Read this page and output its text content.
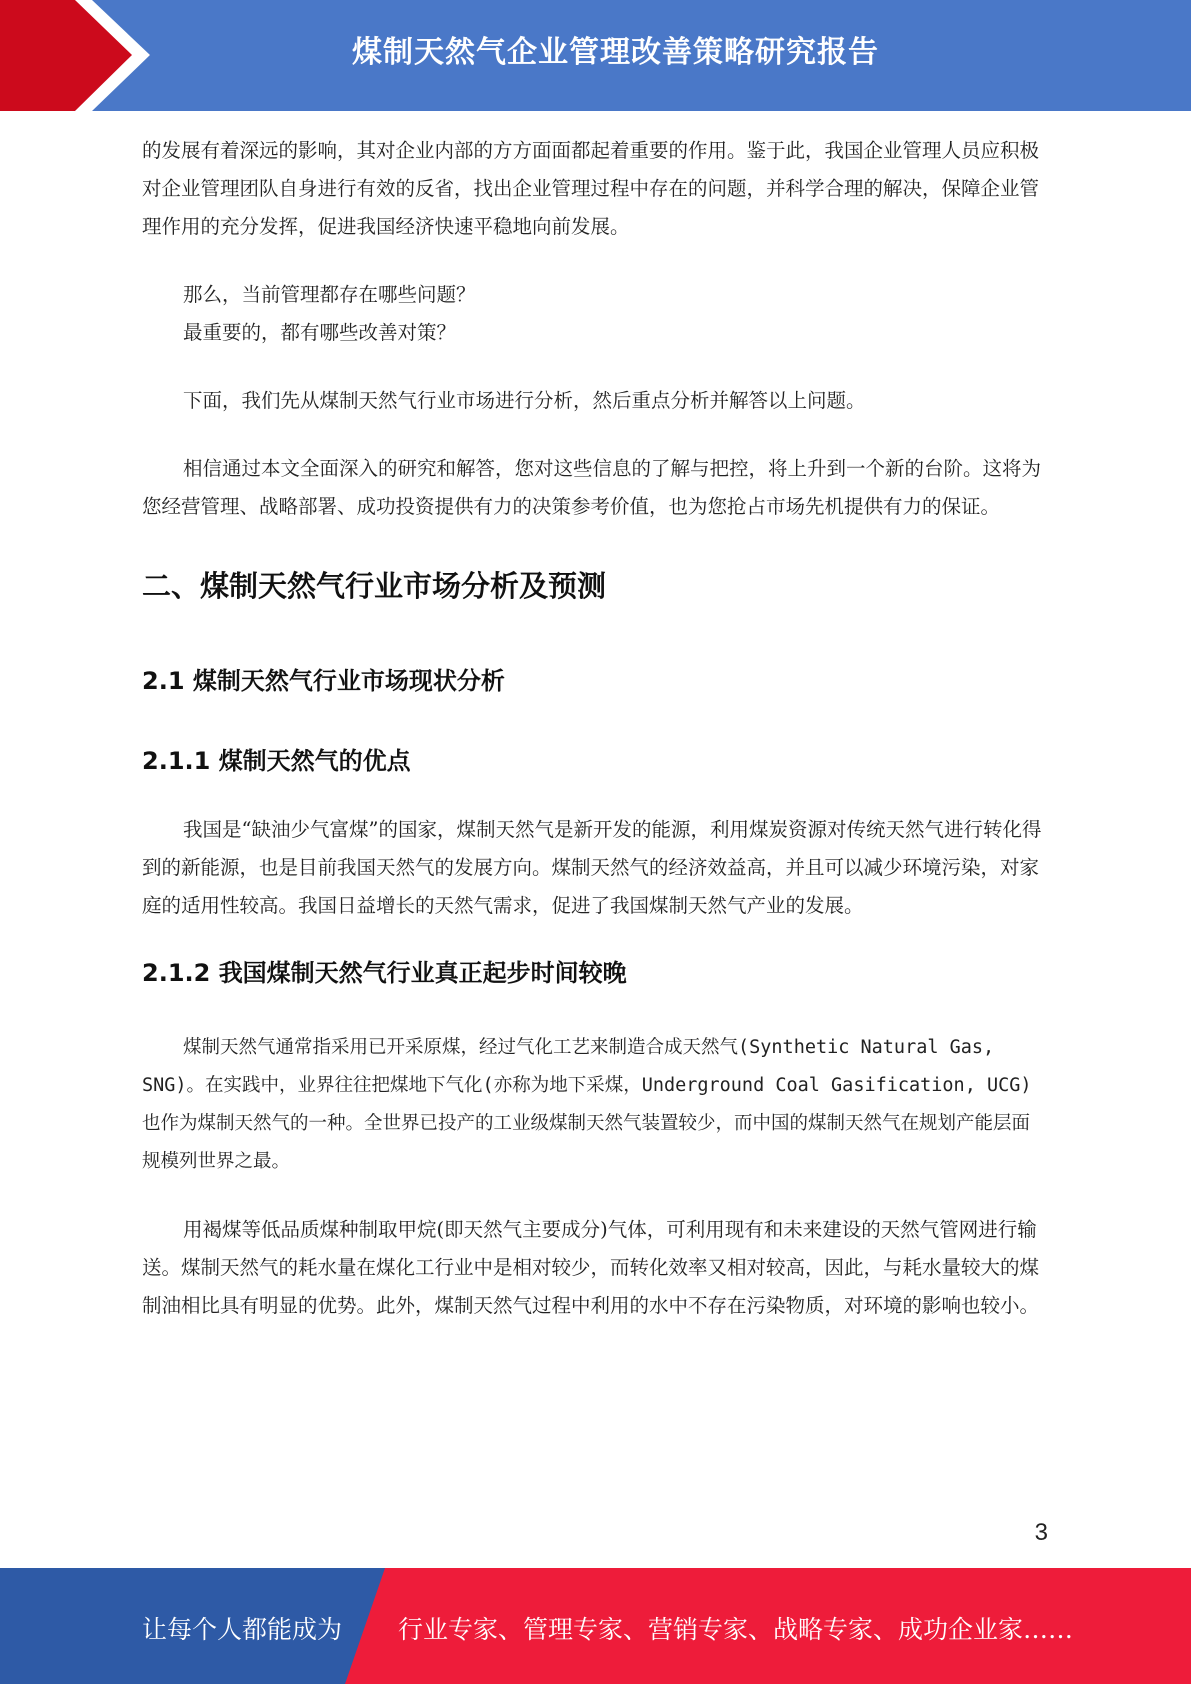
煤制天然气企业管理改善策略研究报告

的发展有着深远的影响，其对企业内部的方方面面都起着重要的作用。鉴于此，我国企业管理人员应积极对企业管理团队自身进行有效的反省，找出企业管理过程中存在的问题，并科学合理的解决，保障企业管理作用的充分发挥，促进我国经济快速平稳地向前发展。

那么，当前管理都存在哪些问题？

最重要的，都有哪些改善对策？

下面，我们先从煤制天然气行业市场进行分析，然后重点分析并解答以上问题。

相信通过本文全面深入的研究和解答，您对这些信息的了解与把控，将上升到一个新的台阶。这将为您经营管理、战略部署、成功投资提供有力的决策参考价值，也为您抢占市场先机提供有力的保证。

二、煤制天然气行业市场分析及预测
2.1 煤制天然气行业市场现状分析
2.1.1 煤制天然气的优点

我国是“缺油少气富煤”的国家，煤制天然气是新开发的能源，利用煤炭资源对传统天然气进行转化得到的新能源，也是目前我国天然气的发展方向。煤制天然气的经济效益高，并且可以减少环境污染，对家庭的适用性较高。我国日益增长的天然气需求，促进了我国煤制天然气产业的发展。

2.1.2 我国煤制天然气行业真正起步时间较晚

煤制天然气通常指采用已开采原煤，经过气化工艺来制造合成天然气(Synthetic Natural Gas, SNG)。在实践中，业界往往把煤地下气化(亦称为地下采煤，Underground Coal Gasification, UCG)也作为煤制天然气的一种。全世界已投产的工业级煤制天然气装置较少，而中国的煤制天然气在规划产能层面规模列世界之最。

用褐煤等低品质煤种制取甲烷(即天然气主要成分)气体，可利用现有和未来建设的天然气管网进行输送。煤制天然气的耗水量在煤化工行业中是相对较少，而转化效率又相对较高，因此，与耗水量较大的煤制油相比具有明显的优势。此外，煤制天然气过程中利用的水中不存在污染物质，对环境的影响也较小。

3
让每个人都能成为 行业专家、管理专家、营销专家、战略专家、成功企业家……
